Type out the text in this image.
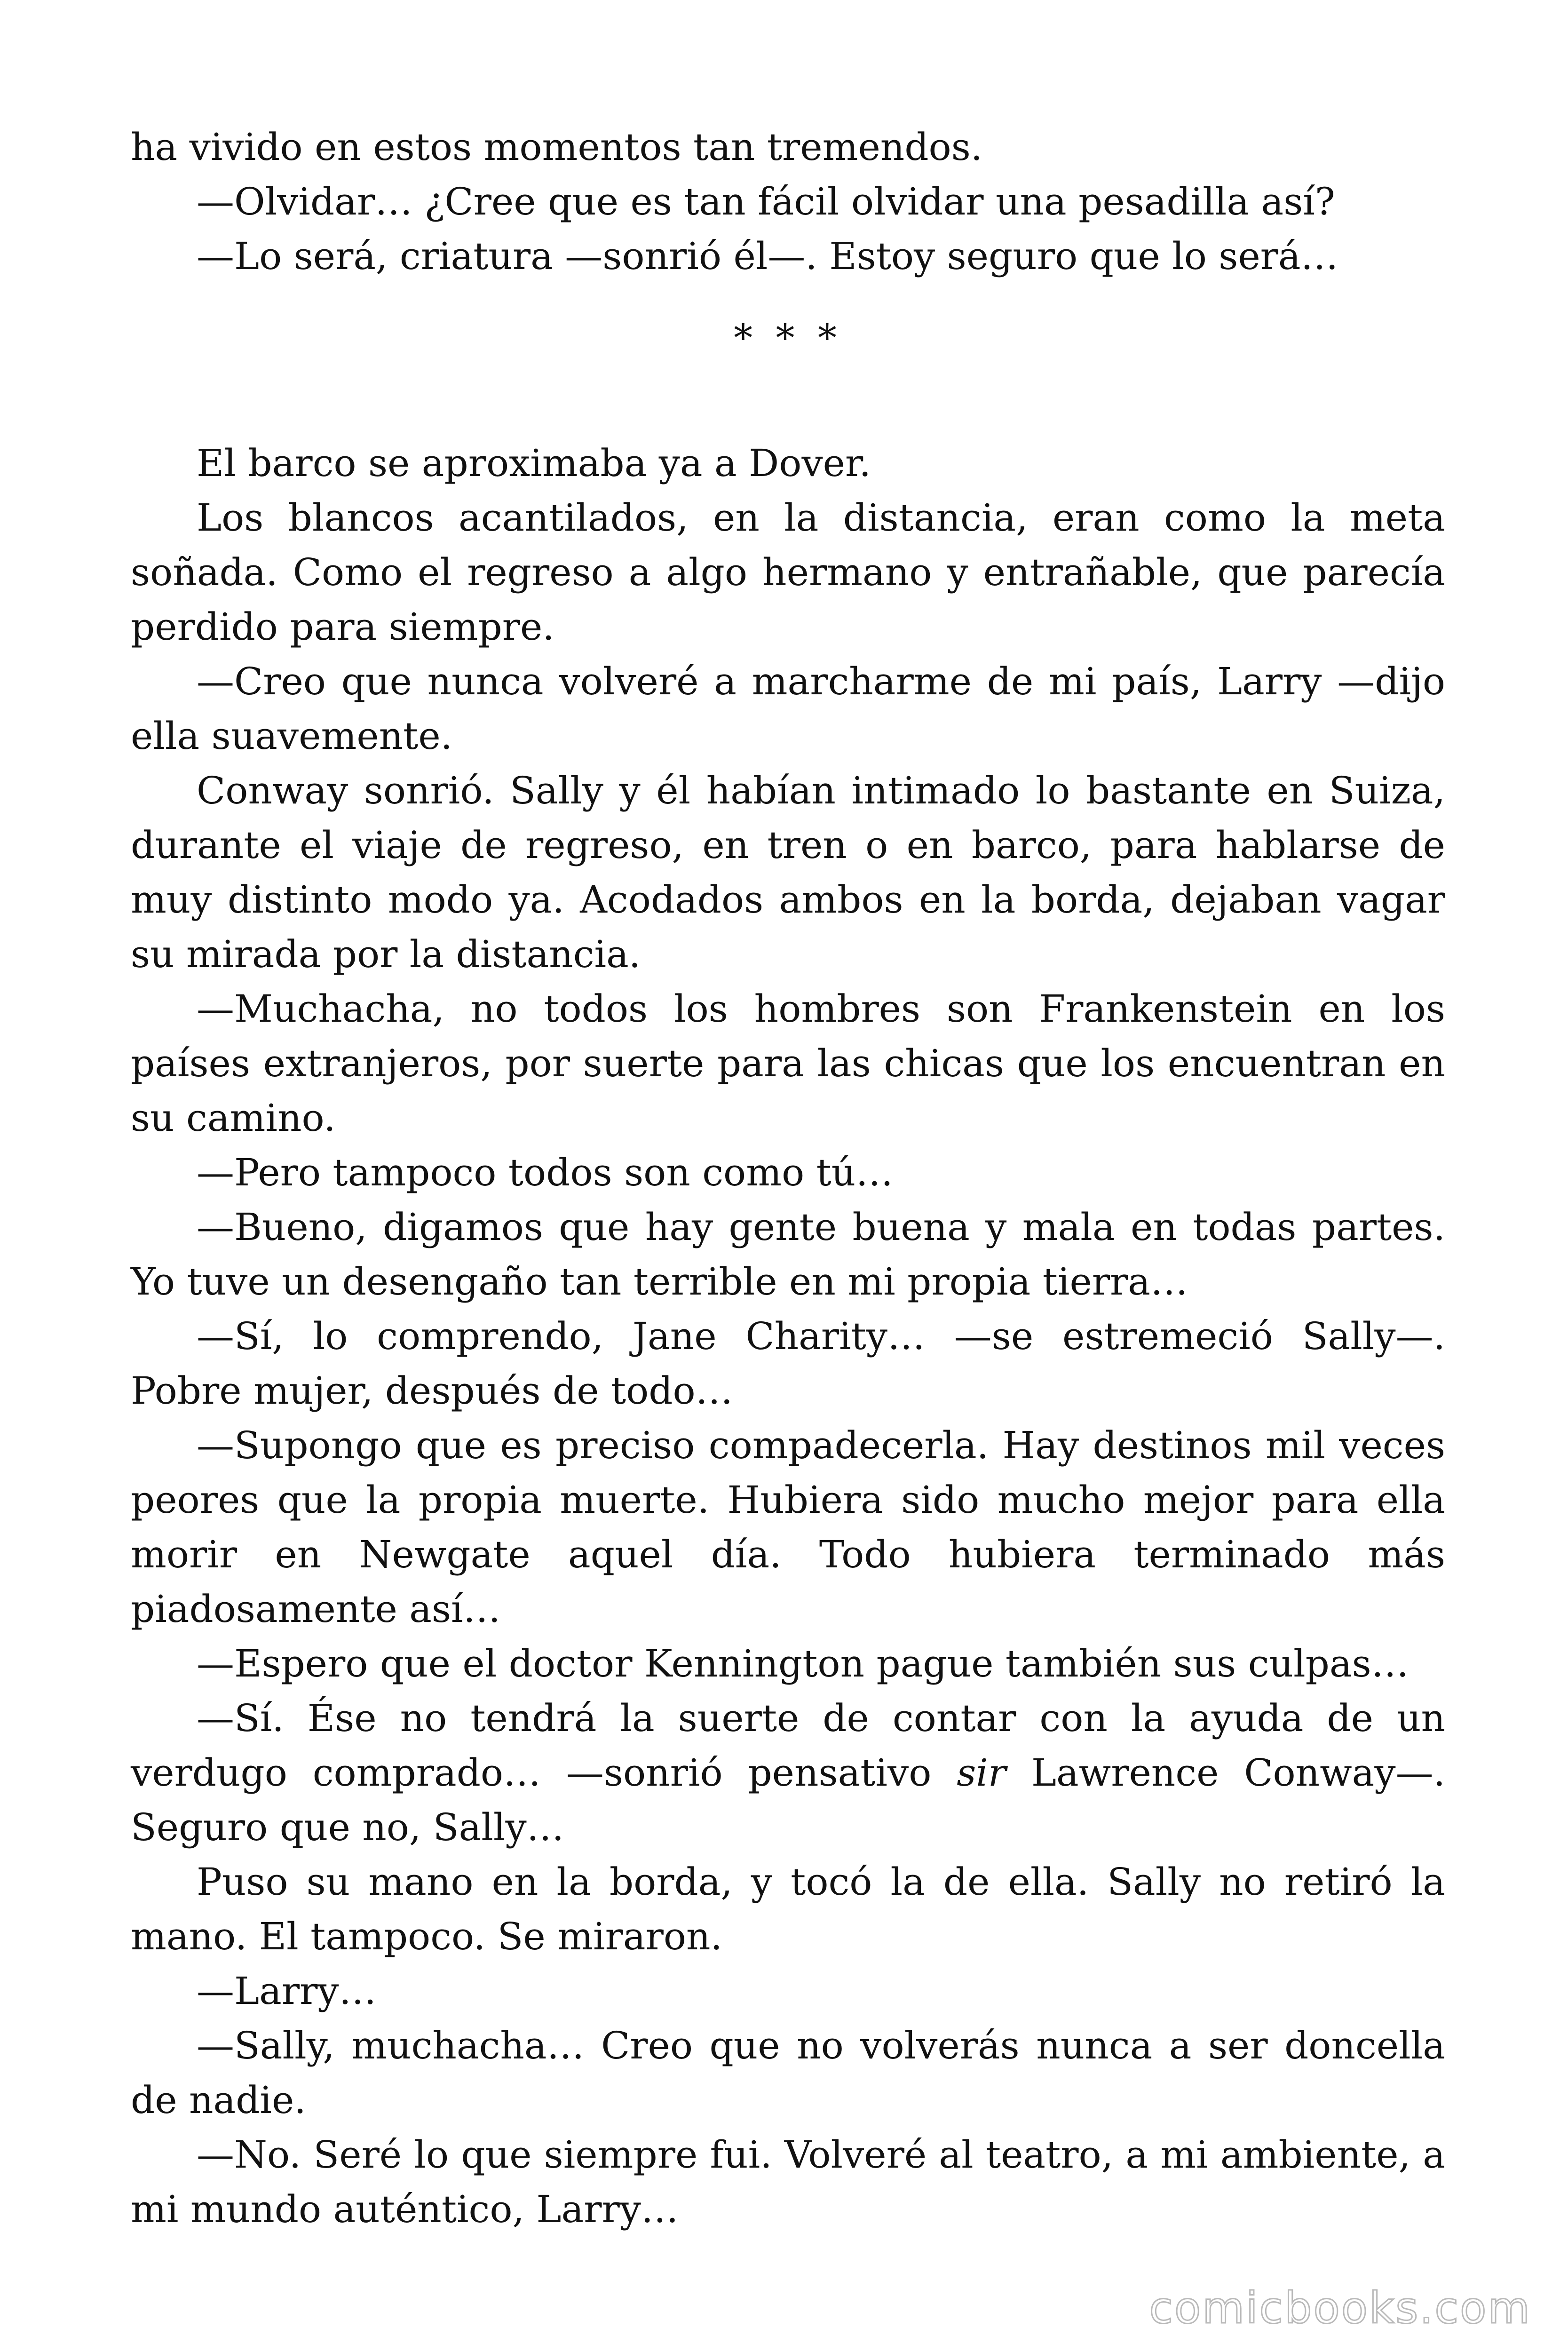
ha vivido en estos momentos tan tremendos.

—Olvidar… ¿Cree que es tan fácil olvidar una pesadilla así?

—Lo será, criatura —sonrió él—. Estoy seguro que lo será…

* * *

El barco se aproximaba ya a Dover.

Los blancos acantilados, en la distancia, eran como la meta soñada. Como el regreso a algo hermano y entrañable, que parecía perdido para siempre.

—Creo que nunca volveré a marcharme de mi país, Larry —dijo ella suavemente.

Conway sonrió. Sally y él habían intimado lo bastante en Suiza, durante el viaje de regreso, en tren o en barco, para hablarse de muy distinto modo ya. Acodados ambos en la borda, dejaban vagar su mirada por la distancia.

—Muchacha, no todos los hombres son Frankenstein en los países extranjeros, por suerte para las chicas que los encuentran en su camino.

—Pero tampoco todos son como tú…

—Bueno, digamos que hay gente buena y mala en todas partes. Yo tuve un desengaño tan terrible en mi propia tierra…

—Sí, lo comprendo, Jane Charity… —se estremeció Sally—. Pobre mujer, después de todo…

—Supongo que es preciso compadecerla. Hay destinos mil veces peores que la propia muerte. Hubiera sido mucho mejor para ella morir en Newgate aquel día. Todo hubiera terminado más piadosamente así…

—Espero que el doctor Kennington pague también sus culpas…

—Sí. Ése no tendrá la suerte de contar con la ayuda de un verdugo comprado… —sonrió pensativo sir Lawrence Conway—. Seguro que no, Sally…

Puso su mano en la borda, y tocó la de ella. Sally no retiró la mano. El tampoco. Se miraron.

—Larry…

—Sally, muchacha… Creo que no volverás nunca a ser doncella de nadie.

—No. Seré lo que siempre fui. Volveré al teatro, a mi ambiente, a mi mundo auténtico, Larry…

comicbooks.com
